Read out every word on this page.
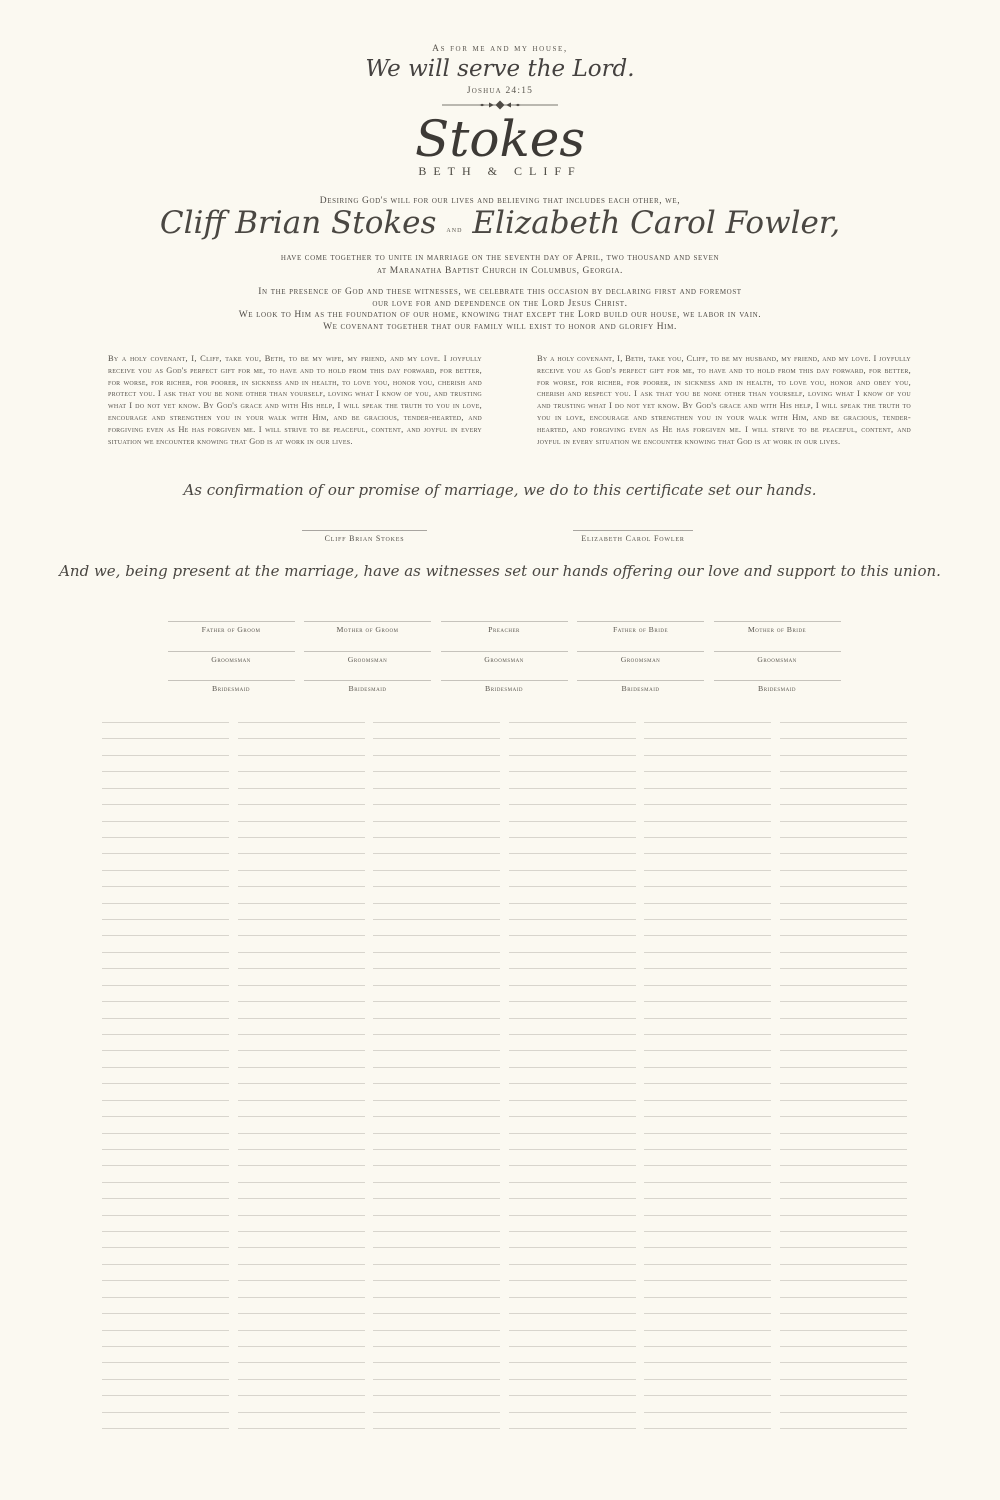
As for me and my house,
We will serve the Lord.
Joshua 24:15
Stokes
BETH & CLIFF
Desiring God's will for our lives and believing that includes each other, we,
Cliff Brian Stokes and Elizabeth Carol Fowler,
have come together to unite in marriage on the seventh day of April, two thousand and seven
at Maranatha Baptist Church in Columbus, Georgia.
In the presence of God and these witnesses, we celebrate this occasion by declaring first and foremost
our love for and dependence on the Lord Jesus Christ.
We look to Him as the foundation of our home, knowing that except the Lord build our house, we labor in vain.
We covenant together that our family will exist to honor and glorify Him.
By a holy covenant, I, Cliff, take you, Beth, to be my wife, my friend, and my love. I joyfully receive you as God's perfect gift for me, to have and to hold from this day forward, for better, for worse, for richer, for poorer, in sickness and in health, to love you, honor you, cherish and protect you. I ask that you be none other than yourself, loving what I know of you, and trusting what I do not yet know. By God's grace and with His help, I will speak the truth to you in love, encourage and strengthen you in your walk with Him, and be gracious, tender-hearted, and forgiving even as He has forgiven me. I will strive to be peaceful, content, and joyful in every situation we encounter knowing that God is at work in our lives.
By a holy covenant, I, Beth, take you, Cliff, to be my husband, my friend, and my love. I joyfully receive you as God's perfect gift for me, to have and to hold from this day forward, for better, for worse, for richer, for poorer, in sickness and in health, to love you, honor and obey you, cherish and respect you. I ask that you be none other than yourself, loving what I know of you and trusting what I do not yet know. By God's grace and with His help, I will speak the truth to you in love, encourage and strengthen you in your walk with Him, and be gracious, tender-hearted, and forgiving even as He has forgiven me. I will strive to be peaceful, content, and joyful in every situation we encounter knowing that God is at work in our lives.
As confirmation of our promise of marriage, we do to this certificate set our hands.
Cliff Brian Stokes	Elizabeth Carol Fowler
And we, being present at the marriage, have as witnesses set our hands offering our love and support to this union.
Father of Groom	Mother of Groom	Preacher	Father of Bride	Mother of Bride
Groomsman	Groomsman	Groomsman	Groomsman	Groomsman
Bridesmaid	Bridesmaid	Bridesmaid	Bridesmaid	Bridesmaid
